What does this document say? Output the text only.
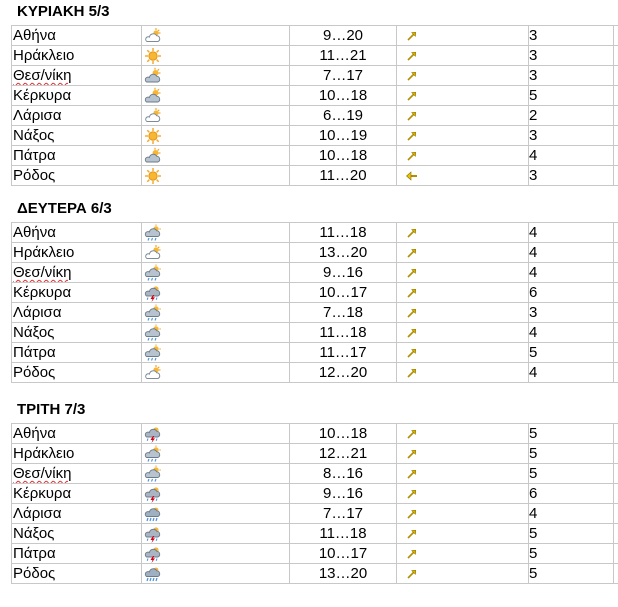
ΚΥΡΙΑΚΗ 5/3
Αθήνα		9…20		3	
Ηράκλειο		11…21		3	
Θεσ/νίκη		7…17		3	
Κέρκυρα		10…18		5	
Λάρισα		6…19		2	
Νάξος		10…19		3	
Πάτρα		10…18		4	
Ρόδος		11…20		3	
ΔΕΥΤΕΡΑ 6/3
Αθήνα		11…18		4	
Ηράκλειο		13…20		4	
Θεσ/νίκη		9…16		4	
Κέρκυρα		10…17		6	
Λάρισα		7…18		3	
Νάξος		11…18		4	
Πάτρα		11…17		5	
Ρόδος		12…20		4	
ΤΡΙΤΗ 7/3
Αθήνα		10…18		5	
Ηράκλειο		12…21		5	
Θεσ/νίκη		8…16		5	
Κέρκυρα		9…16		6	
Λάρισα		7…17		4	
Νάξος		11…18		5	
Πάτρα		10…17		5	
Ρόδος		13…20		5	
